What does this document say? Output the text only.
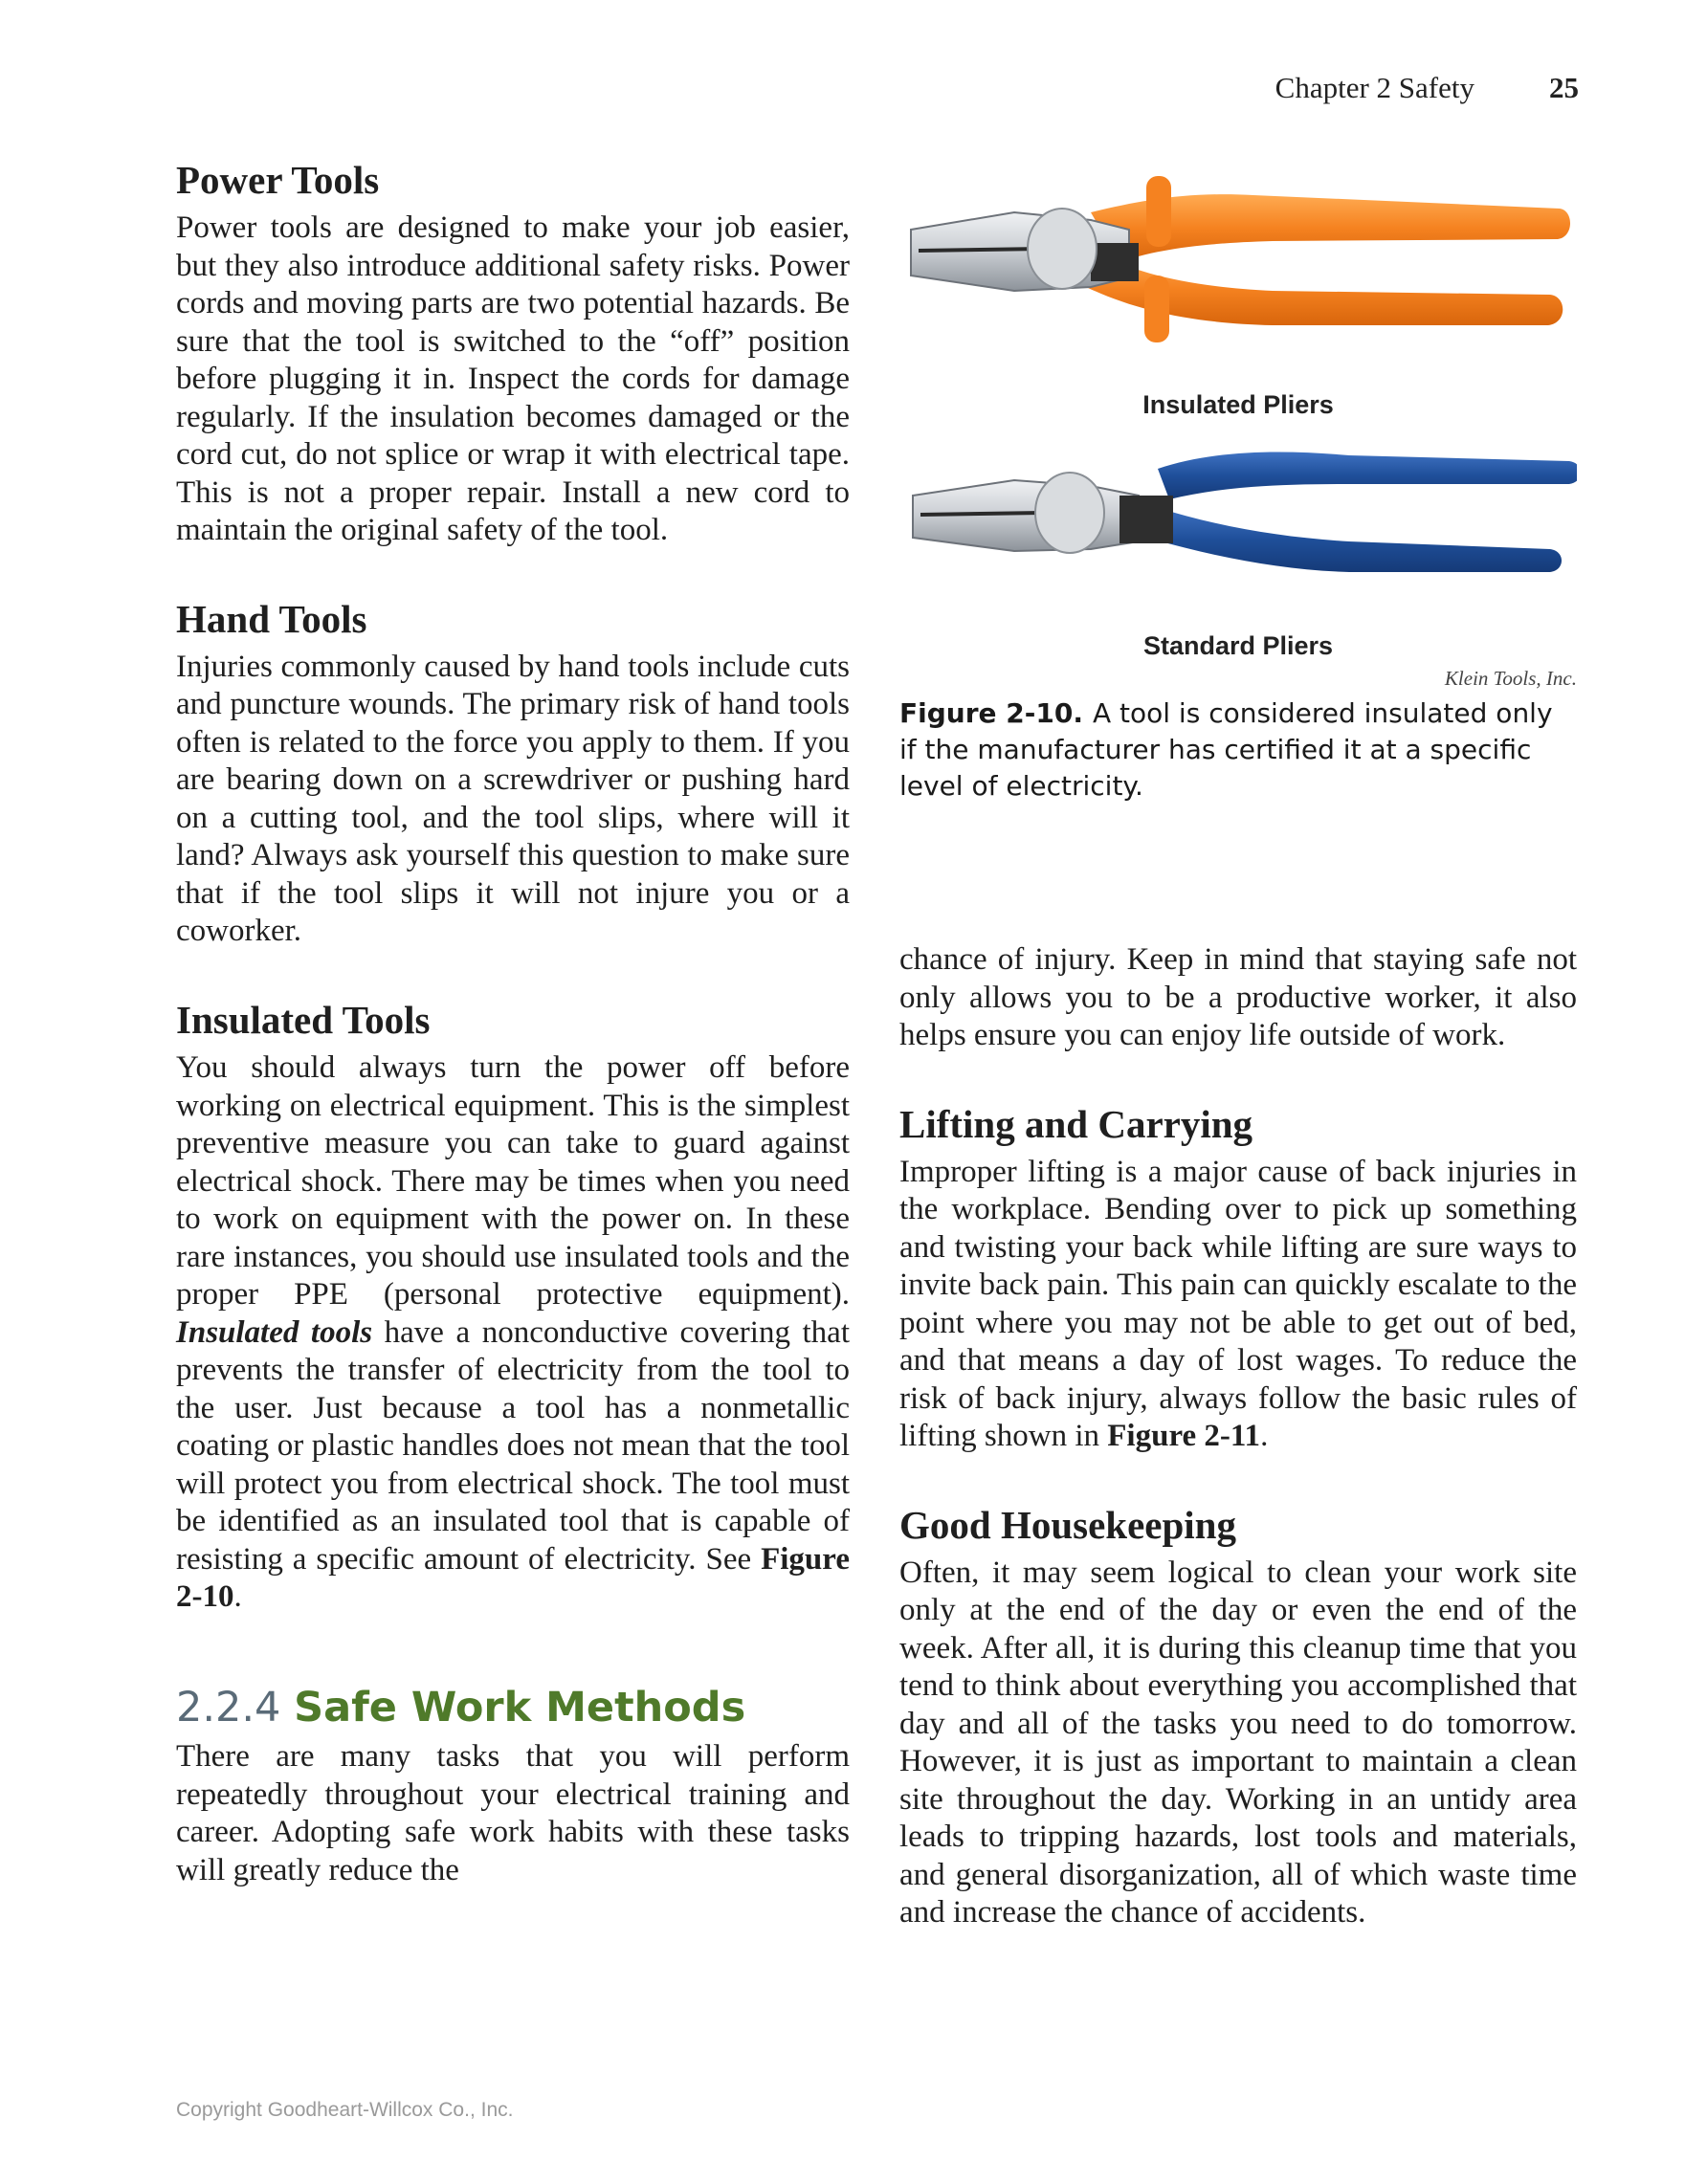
Chapter 2 Safety	25
Power Tools

Power tools are designed to make your job easier, but they also introduce additional safety risks. Power cords and moving parts are two potential hazards. Be sure that the tool is switched to the “off” position before plugging it in. Inspect the cords for damage regularly. If the insulation becomes damaged or the cord cut, do not splice or wrap it with electrical tape. This is not a proper repair. Install a new cord to maintain the original safety of the tool.

Hand Tools

Injuries commonly caused by hand tools include cuts and puncture wounds. The primary risk of hand tools often is related to the force you apply to them. If you are bearing down on a screwdriver or pushing hard on a cutting tool, and the tool slips, where will it land? Always ask yourself this question to make sure that if the tool slips it will not injure you or a coworker.

Insulated Tools

You should always turn the power off before working on electrical equipment. This is the simplest preventive measure you can take to guard against electrical shock. There may be times when you need to work on equipment with the power on. In these rare instances, you should use insulated tools and the proper PPE (personal protective equipment). Insulated tools have a nonconductive covering that prevents the transfer of electricity from the tool to the user. Just because a tool has a nonmetallic coating or plastic handles does not mean that the tool will protect you from electrical shock. The tool must be identified as an insulated tool that is capable of resisting a specific amount of electricity. See Figure 2-10.

2.2.4 Safe Work Methods

There are many tasks that you will perform repeatedly throughout your electrical training and career. Adopting safe work habits with these tasks will greatly reduce the

Insulated Pliers
Standard Pliers
Klein Tools, Inc.
Figure 2-10. A tool is considered insulated only if the manufacturer has certified it at a specific level of electricity.

chance of injury. Keep in mind that staying safe not only allows you to be a productive worker, it also helps ensure you can enjoy life outside of work.

Lifting and Carrying

Improper lifting is a major cause of back injuries in the workplace. Bending over to pick up something and twisting your back while lifting are sure ways to invite back pain. This pain can quickly escalate to the point where you may not be able to get out of bed, and that means a day of lost wages. To reduce the risk of back injury, always follow the basic rules of lifting shown in Figure 2-11.

Good Housekeeping

Often, it may seem logical to clean your work site only at the end of the day or even the end of the week. After all, it is during this cleanup time that you tend to think about everything you accomplished that day and all of the tasks you need to do tomorrow. However, it is just as important to maintain a clean site throughout the day. Working in an untidy area leads to tripping hazards, lost tools and materials, and general disorganization, all of which waste time and increase the chance of accidents.

Copyright Goodheart-Willcox Co., Inc.
